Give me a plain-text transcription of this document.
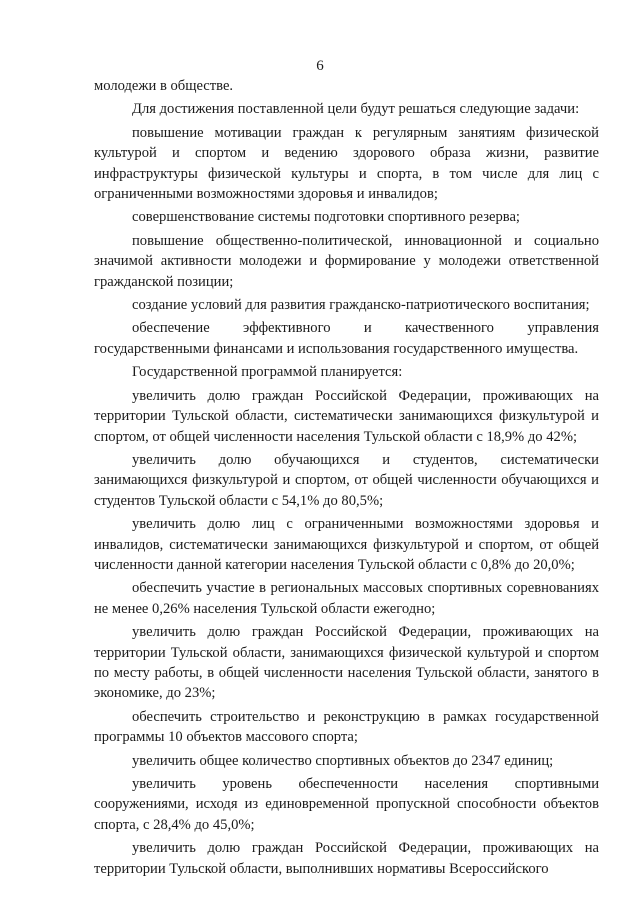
6

молодежи в обществе.

Для достижения поставленной цели будут решаться следующие задачи:

повышение мотивации граждан к регулярным занятиям физической культурой и спортом и ведению здорового образа жизни, развитие инфраструктуры физической культуры и спорта, в том числе для лиц с ограниченными возможностями здоровья и инвалидов;

совершенствование системы подготовки спортивного резерва;

повышение общественно-политической, инновационной и социально значимой активности молодежи и формирование у молодежи ответственной гражданской позиции;

создание условий для развития гражданско-патриотического воспитания;

обеспечение эффективного и качественного управления государственными финансами и использования государственного имущества.

Государственной программой планируется:

увеличить долю граждан Российской Федерации, проживающих на территории Тульской области, систематически занимающихся физкультурой и спортом, от общей численности населения Тульской области с 18,9% до 42%;

увеличить долю обучающихся и студентов, систематически занимающихся физкультурой и спортом, от общей численности обучающихся и студентов Тульской области с 54,1% до 80,5%;

увеличить долю лиц с ограниченными возможностями здоровья и инвалидов, систематически занимающихся физкультурой и спортом, от общей численности данной категории населения Тульской области с 0,8% до 20,0%;

обеспечить участие в региональных массовых спортивных соревнованиях не менее 0,26% населения Тульской области ежегодно;

увеличить долю граждан Российской Федерации, проживающих на территории Тульской области, занимающихся физической культурой и спортом по месту работы, в общей численности населения Тульской области, занятого в экономике, до 23%;

обеспечить строительство и реконструкцию в рамках государственной программы 10 объектов массового спорта;

увеличить общее количество спортивных объектов до 2347 единиц;

увеличить уровень обеспеченности населения спортивными сооружениями, исходя из единовременной пропускной способности объектов спорта, с 28,4% до 45,0%;

увеличить долю граждан Российской Федерации, проживающих на территории Тульской области, выполнивших нормативы Всероссийского
